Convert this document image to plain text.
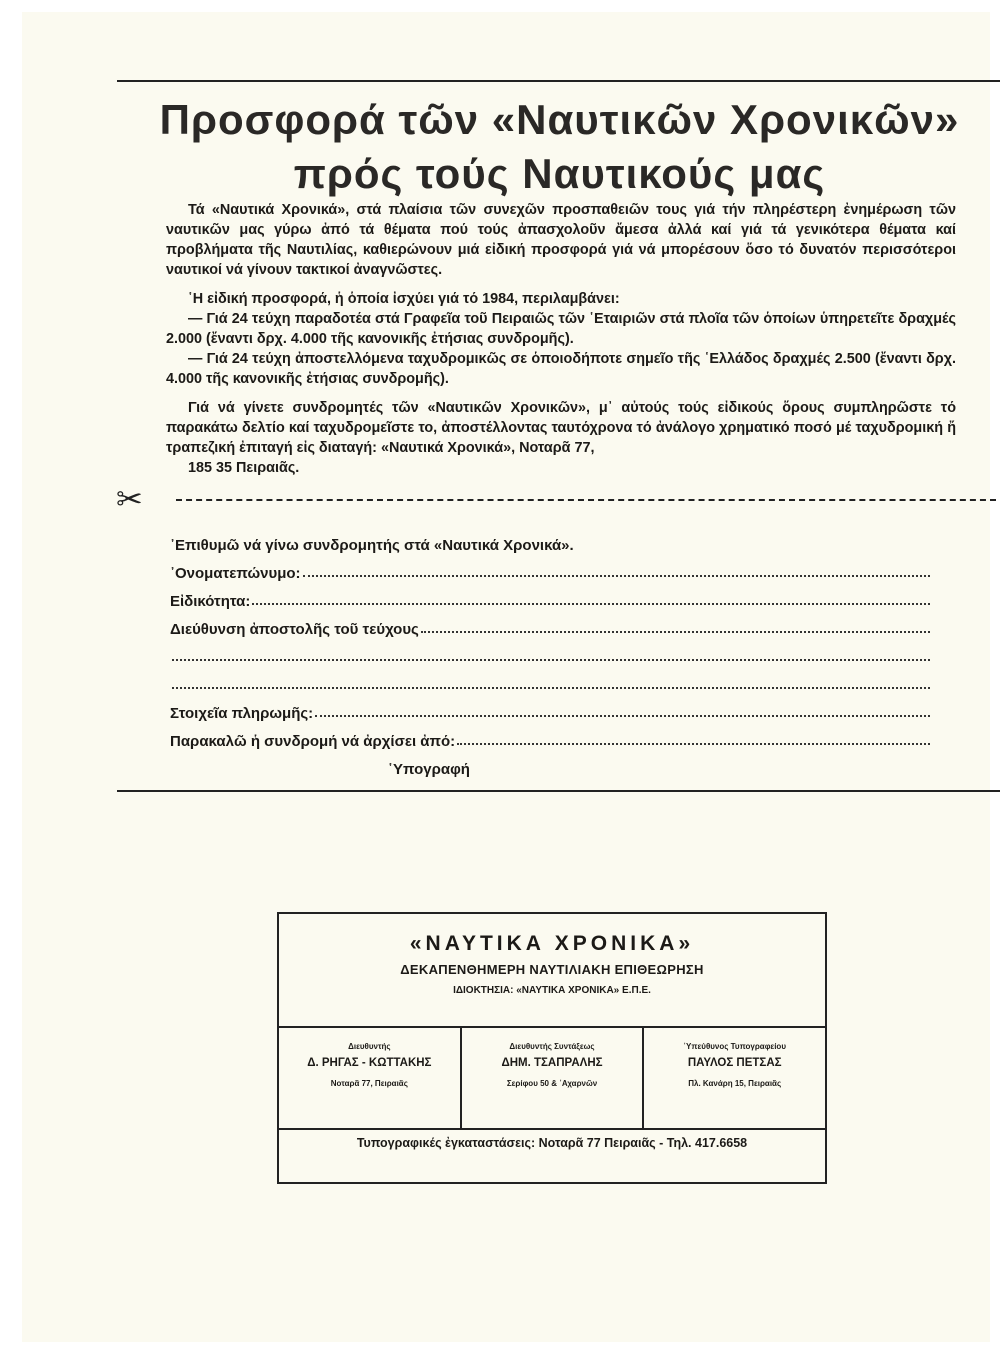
Προσφορά τῶν «Ναυτικῶν Χρονικῶν»
πρός τούς Ναυτικούς μας

Τά «Ναυτικά Χρονικά», στά πλαίσια τῶν συνεχῶν προσπαθειῶν τους γιά τήν πληρέστερη ἐνημέρωση τῶν ναυτικῶν μας γύρω ἀπό τά θέματα πού τούς ἀπασχολοῦν ἄμεσα ἀλλά καί γιά τά γενικότερα θέματα καί προβλήματα τῆς Ναυτιλίας, καθιερώνουν μιά εἰδική προσφορά γιά νά μπορέσουν ὅσο τό δυνατόν περισσότεροι ναυτικοί νά γίνουν τακτικοί ἀναγνῶστες.

῾Η εἰδική προσφορά, ἡ ὁποία ἰσχύει γιά τό 1984, περιλαμβάνει:

— Γιά 24 τεύχη παραδοτέα στά Γραφεῖα τοῦ Πειραιῶς τῶν ῾Εταιριῶν στά πλοῖα τῶν ὁποίων ὑπηρετεῖτε δραχμές 2.000 (ἔναντι δρχ. 4.000 τῆς κανονικῆς ἐτήσιας συνδρομῆς).

— Γιά 24 τεύχη ἀποστελλόμενα ταχυδρομικῶς σε ὁποιοδήποτε σημεῖο τῆς ῾Ελλάδος δραχμές 2.500 (ἔναντι δρχ. 4.000 τῆς κανονικῆς ἐτήσιας συνδρομῆς).

Γιά νά γίνετε συνδρομητές τῶν «Ναυτικῶν Χρονικῶν», μ᾽ αὐτούς τούς εἰδικούς ὅρους συμπληρῶστε τό παρακάτω δελτίο καί ταχυδρομεῖστε το, ἀποστέλλοντας ταυτόχρονα τό ἀνάλογο χρηματικό ποσό μέ ταχυδρομική ἤ τραπεζική ἐπιταγή εἰς διαταγή: «Ναυτικά Χρονικά», Νοταρᾶ 77,

185 35 Πειραιᾶς.

✂
᾽Επιθυμῶ νά γίνω συνδρομητής στά «Ναυτικά Χρονικά».
᾽Ονοματεπώνυμο:
Εἰδικότητα:
Διεύθυνση ἀποστολῆς τοῦ τεύχους
Στοιχεῖα πληρωμῆς:
Παρακαλῶ ἡ συνδρομή νά ἀρχίσει ἀπό:
῾Υπογραφή
«ΝΑΥΤΙΚΑ ΧΡΟΝΙΚΑ»
ΔΕΚΑΠΕΝΘΗΜΕΡΗ ΝΑΥΤΙΛΙΑΚΗ ΕΠΙΘΕΩΡΗΣΗ
ΙΔΙΟΚΤΗΣΙΑ: «ΝΑΥΤΙΚΑ ΧΡΟΝΙΚΑ» Ε.Π.Ε.
Διευθυντής
Δ. ΡΗΓΑΣ - ΚΩΤΤΑΚΗΣ
Νοταρᾶ 77, Πειραιᾶς
Διευθυντής Συντάξεως
ΔΗΜ. ΤΣΑΠΡΑΛΗΣ
Σερίφου 50 & ᾽Αχαρνῶν
῾Υπεύθυνος Τυπογραφείου
ΠΑΥΛΟΣ ΠΕΤΣΑΣ
Πλ. Κανάρη 15, Πειραιᾶς
Τυπογραφικές ἐγκαταστάσεις: Νοταρᾶ 77 Πειραιᾶς - Τηλ. 417.6658
